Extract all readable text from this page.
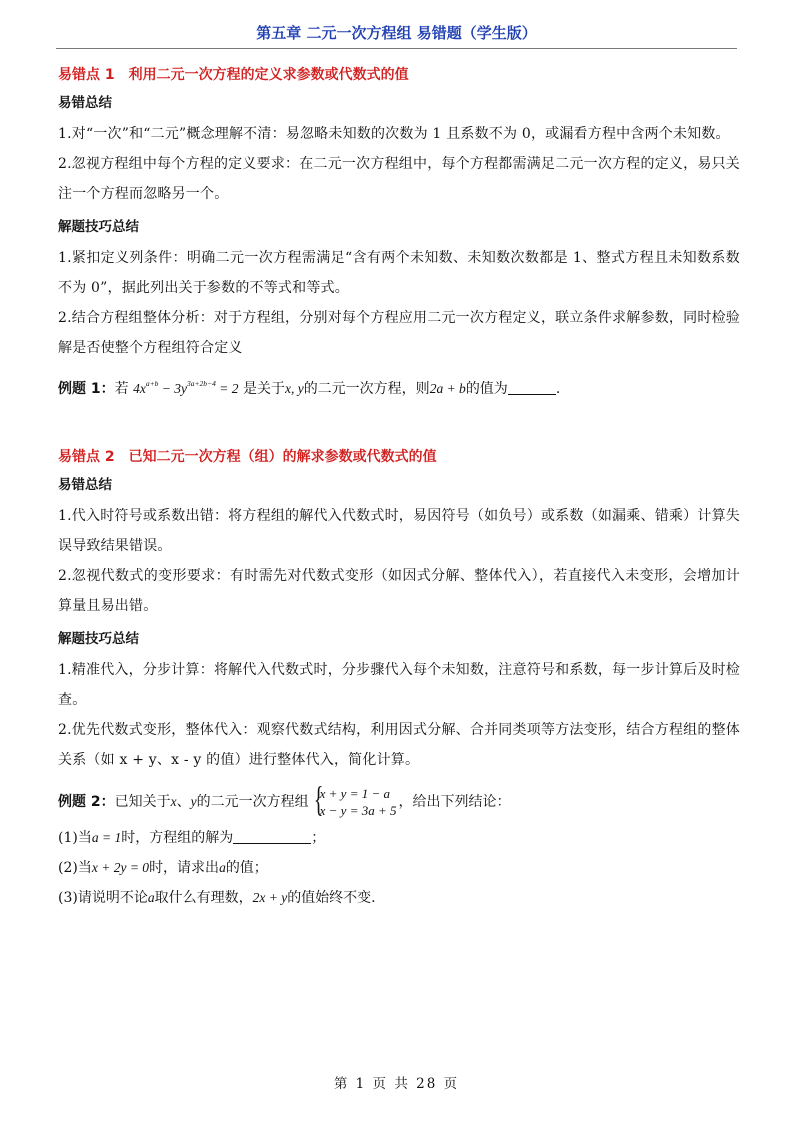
第五章 二元一次方程组 易错题（学生版）
易错点 1 利用二元一次方程的定义求参数或代数式的值
易错总结

1.对“一次”和“二元”概念理解不清：易忽略未知数的次数为 1 且系数不为 0，或漏看方程中含两个未知数。

2.忽视方程组中每个方程的定义要求：在二元一次方程组中，每个方程都需满足二元一次方程的定义，易只关注一个方程而忽略另一个。

解题技巧总结

1.紧扣定义列条件：明确二元一次方程需满足“含有两个未知数、未知数次数都是 1、整式方程且未知数系数不为 0”，据此列出关于参数的不等式和等式。

2.结合方程组整体分析：对于方程组，分别对每个方程应用二元一次方程定义，联立条件求解参数，同时检验解是否使整个方程组符合定义

例题 1：若 $4x^{a+b} - 3y^{3a+2b-4} = 2$ 是关于x, y的二元一次方程，则2a + b的值为	.

易错点 2 已知二元一次方程（组）的解求参数或代数式的值
易错总结

1.代入时符号或系数出错：将方程组的解代入代数式时，易因符号（如负号）或系数（如漏乘、错乘）计算失误导致结果错误。

2.忽视代数式的变形要求：有时需先对代数式变形（如因式分解、整体代入），若直接代入未变形，会增加计算量且易出错。

解题技巧总结

1.精准代入，分步计算：将解代入代数式时，分步骤代入每个未知数，注意符号和系数，每一步计算后及时检查。

2.优先代数式变形，整体代入：观察代数式结构，利用因式分解、合并同类项等方法变形，结合方程组的整体关系（如 x + y、x - y 的值）进行整体代入，简化计算。

例题 2：已知关于x、y的二元一次方程组 {
x + y = 1 − a
x − y = 3a + 5
，给出下列结论：

(1)当a = 1时，方程组的解为	；

(2)当x + 2y = 0时，请求出a的值；

(3)请说明不论a取什么有理数，2x + y的值始终不变.

第 1 页 共 28 页
